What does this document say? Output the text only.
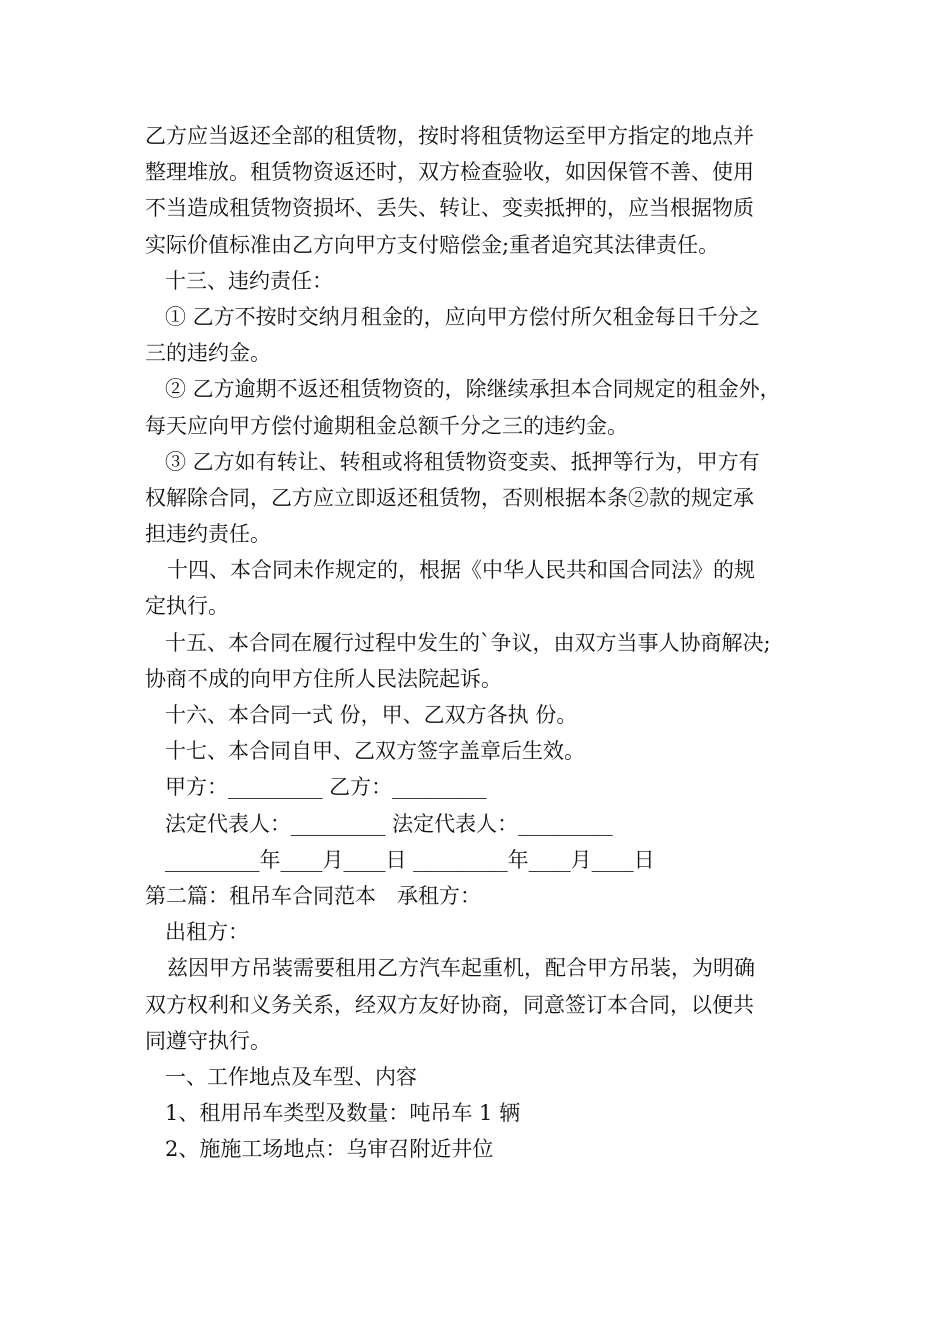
乙方应当返还全部的租赁物，按时将租赁物运至甲方指定的地点并
整理堆放。租赁物资返还时，双方检查验收，如因保管不善、使用
不当造成租赁物资损坏、丢失、转让、变卖抵押的，应当根据物质
实际价值标准由乙方向甲方支付赔偿金;重者追究其法律责任。
十三、违约责任：
① 乙方不按时交纳月租金的，应向甲方偿付所欠租金每日千分之
三的违约金。
② 乙方逾期不返还租赁物资的，除继续承担本合同规定的租金外，
每天应向甲方偿付逾期租金总额千分之三的违约金。
③ 乙方如有转让、转租或将租赁物资变卖、抵押等行为，甲方有
权解除合同，乙方应立即返还租赁物，否则根据本条②款的规定承
担违约责任。
十四、本合同未作规定的，根据《中华人民共和国合同法》的规
定执行。
十五、本合同在履行过程中发生的`争议，由双方当事人协商解决;
协商不成的向甲方住所人民法院起诉。
十六、本合同一式 份，甲、乙双方各执 份。
十七、本合同自甲、乙双方签字盖章后生效。
甲方：_________ 乙方：_________
法定代表人：_________ 法定代表人：_________
_________年____月____日 _________年____月____日
第二篇：租吊车合同范本　承租方：
出租方：
兹因甲方吊装需要租用乙方汽车起重机，配合甲方吊装，为明确
双方权利和义务关系，经双方友好协商，同意签订本合同，以便共
同遵守执行。
一、工作地点及车型、内容
1、租用吊车类型及数量：吨吊车 1 辆
2、施施工场地点：乌审召附近井位
